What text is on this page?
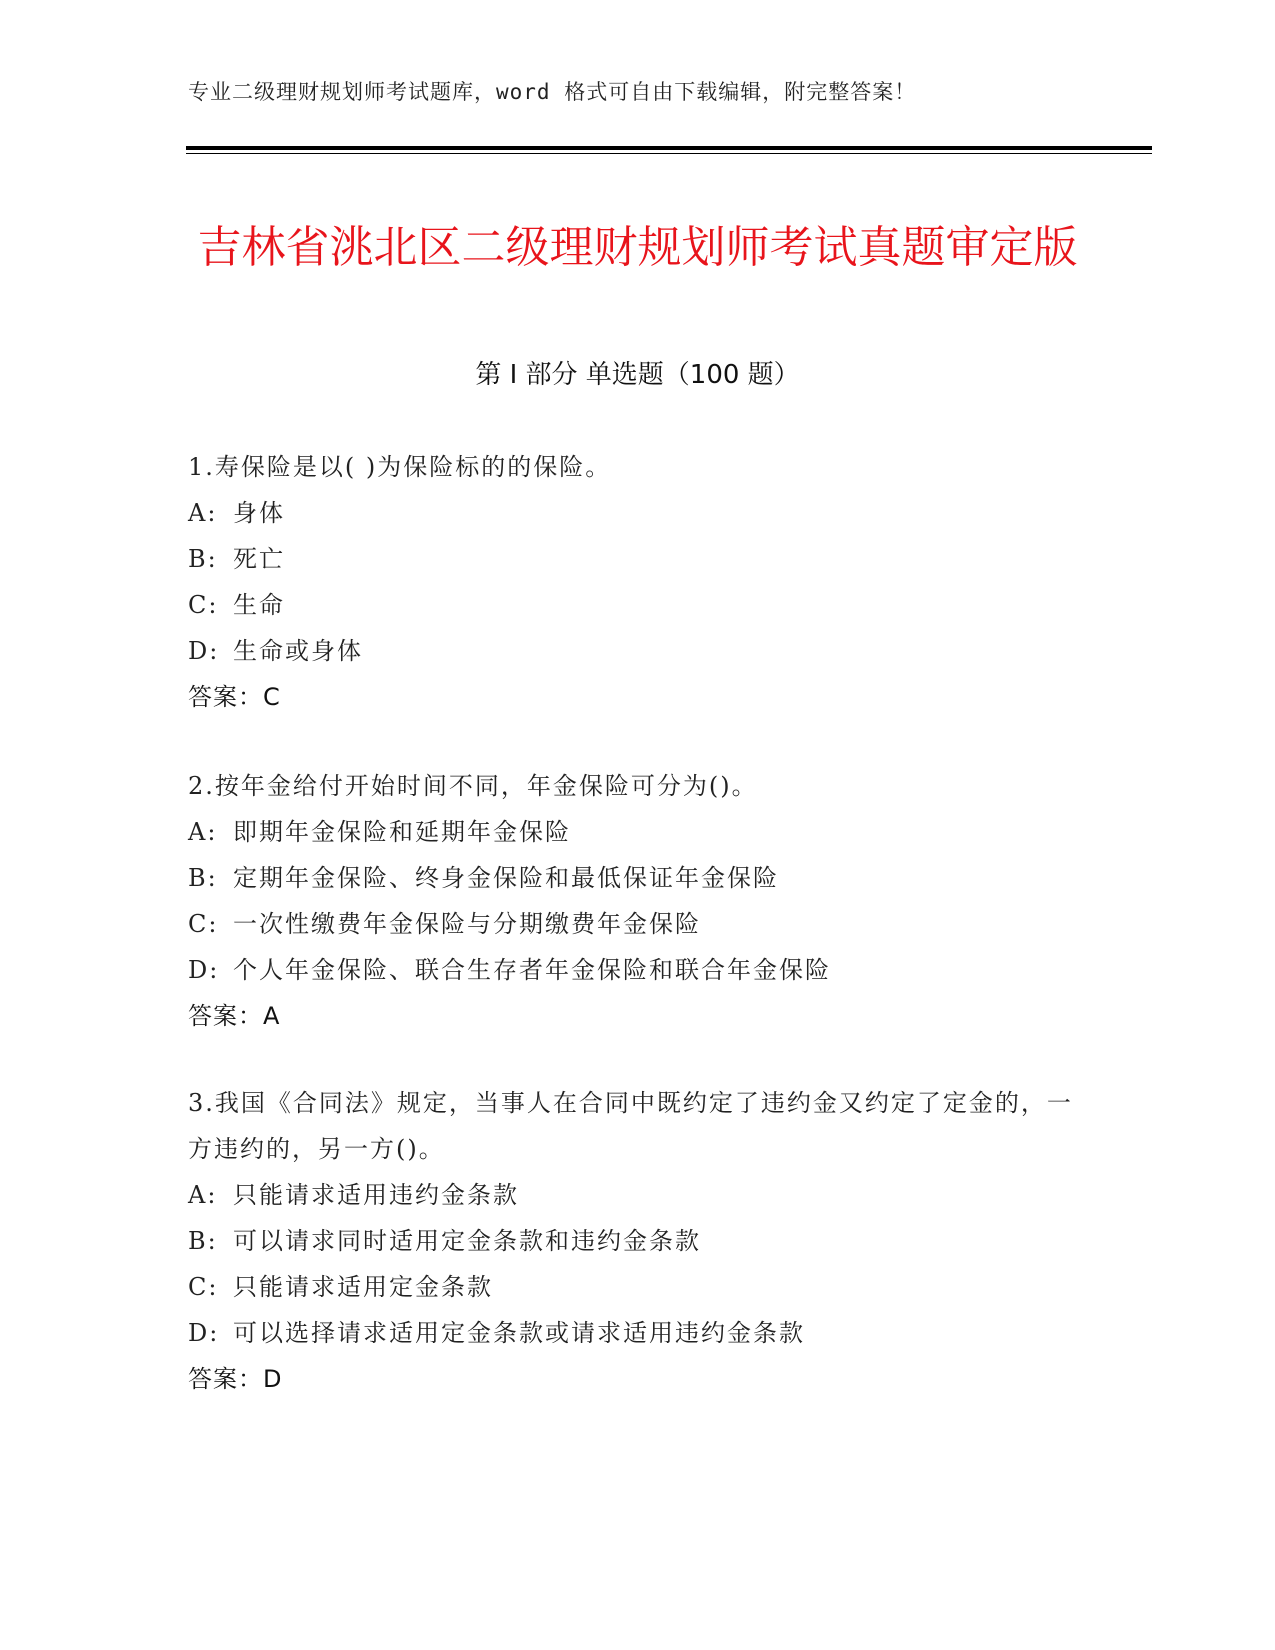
专业二级理财规划师考试题库，word 格式可自由下载编辑，附完整答案！
吉林省洮北区二级理财规划师考试真题审定版
第 I 部分 单选题（100 题）

1.寿保险是以( )为保险标的的保险。

A: 身体

B: 死亡

C: 生命

D: 生命或身体

答案：C

2.按年金给付开始时间不同，年金保险可分为()。

A: 即期年金保险和延期年金保险

B: 定期年金保险、终身金保险和最低保证年金保险

C: 一次性缴费年金保险与分期缴费年金保险

D: 个人年金保险、联合生存者年金保险和联合年金保险

答案：A

3.我国《合同法》规定，当事人在合同中既约定了违约金又约定了定金的，一方违约的，另一方()。

A: 只能请求适用违约金条款

B: 可以请求同时适用定金条款和违约金条款

C: 只能请求适用定金条款

D: 可以选择请求适用定金条款或请求适用违约金条款

答案：D
